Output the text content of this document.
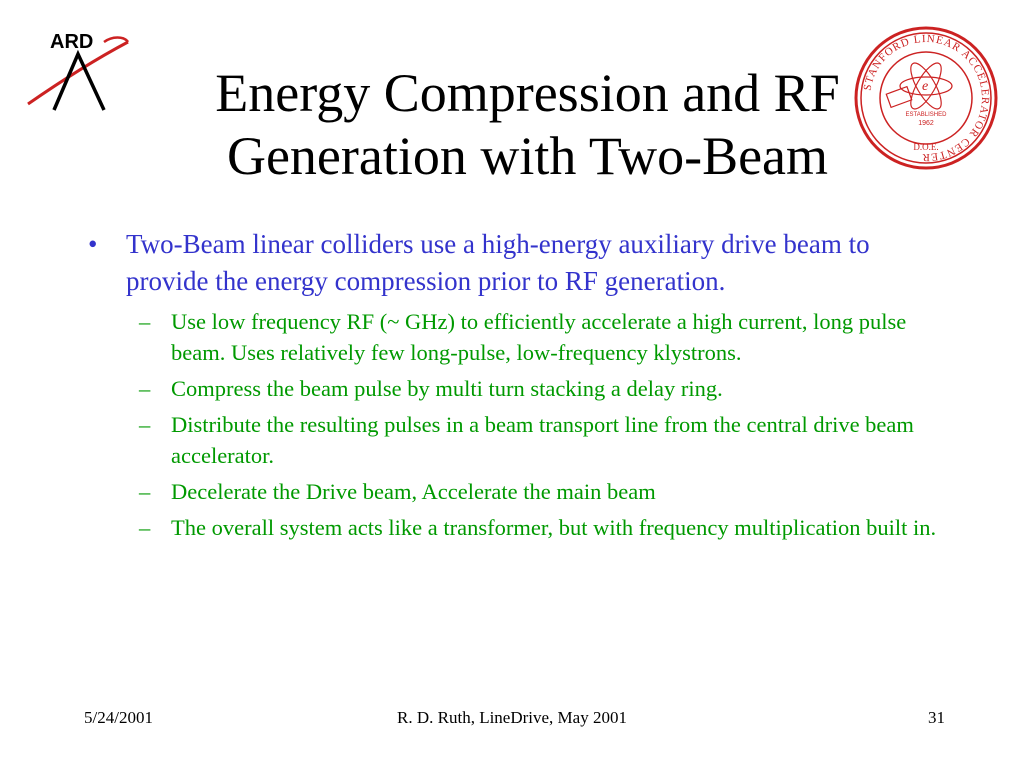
ARD
STANFORD LINEAR ACCELERATOR CENTER
e
ESTABLISHED
1962
D.O.E.
Energy Compression and RF
Generation with Two-Beam
• Two-Beam linear colliders use a high-energy auxiliary drive beam to provide the energy compression prior to RF generation.
– Use low frequency RF (~ GHz) to efficiently accelerate a high current, long pulse beam. Uses relatively few long-pulse, low-frequency klystrons.
– Compress the beam pulse by multi turn stacking a delay ring.
– Distribute the resulting pulses in a beam transport line from the central drive beam accelerator.
– Decelerate the Drive beam, Accelerate the main beam
– The overall system acts like a transformer, but with frequency multiplication built in.
5/24/2001	R. D. Ruth, LineDrive, May 2001	31
